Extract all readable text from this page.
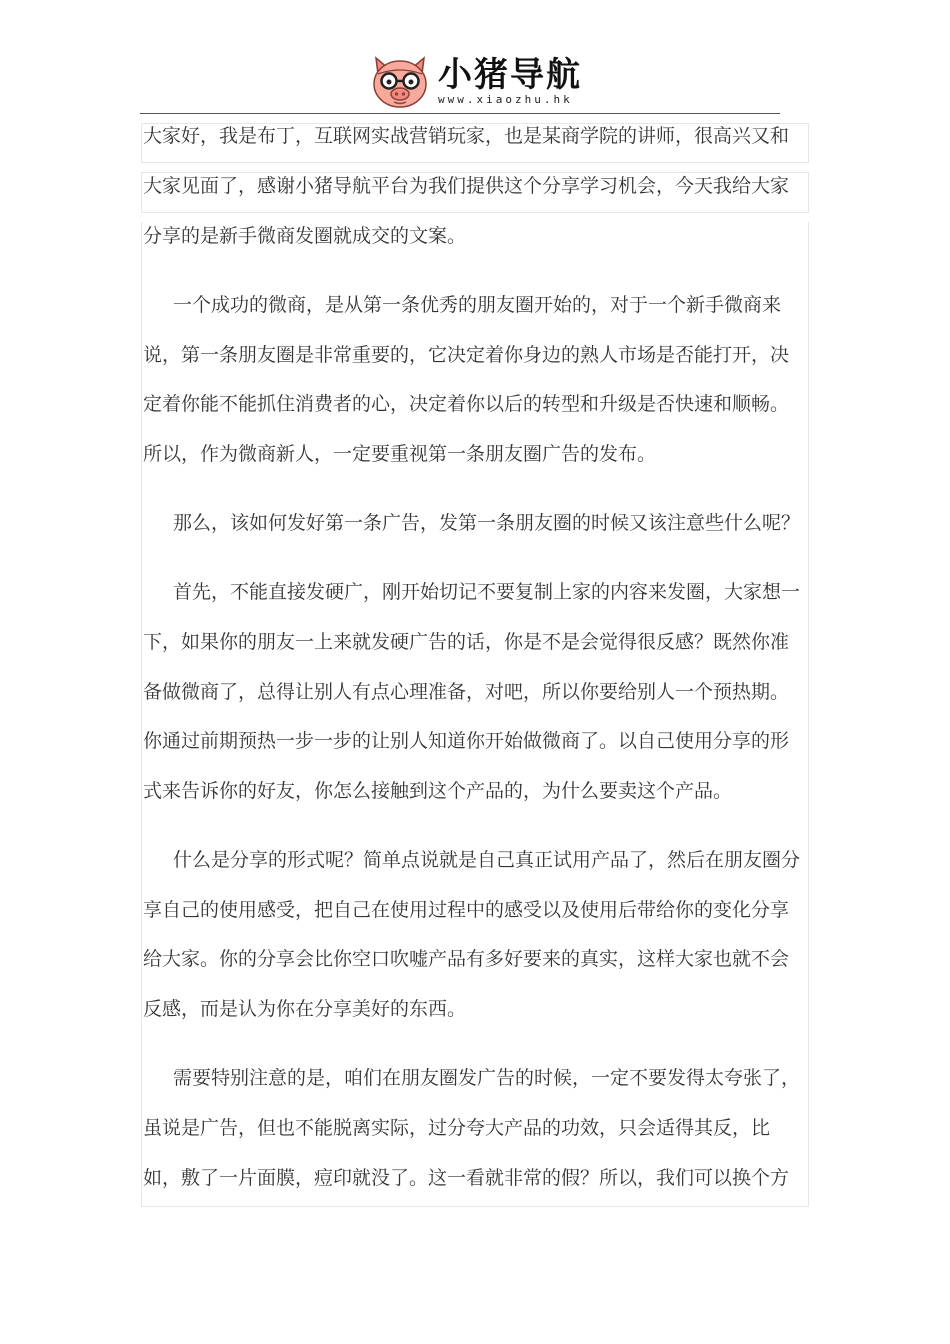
小猪导航
www.xiaozhu.hk
大家好，我是布丁，互联网实战营销玩家，也是某商学院的讲师，很高兴又和
大家见面了，感谢小猪导航平台为我们提供这个分享学习机会，今天我给大家
分享的是新手微商发圈就成交的文案。
一个成功的微商，是从第一条优秀的朋友圈开始的，对于一个新手微商来
说，第一条朋友圈是非常重要的，它决定着你身边的熟人市场是否能打开，决
定着你能不能抓住消费者的心，决定着你以后的转型和升级是否快速和顺畅。
所以，作为微商新人，一定要重视第一条朋友圈广告的发布。
那么，该如何发好第一条广告，发第一条朋友圈的时候又该注意些什么呢？
首先，不能直接发硬广，刚开始切记不要复制上家的内容来发圈，大家想一
下，如果你的朋友一上来就发硬广告的话，你是不是会觉得很反感？既然你准
备做微商了，总得让别人有点心理准备，对吧，所以你要给别人一个预热期。
你通过前期预热一步一步的让别人知道你开始做微商了。以自己使用分享的形
式来告诉你的好友，你怎么接触到这个产品的，为什么要卖这个产品。
什么是分享的形式呢？简单点说就是自己真正试用产品了，然后在朋友圈分
享自己的使用感受，把自己在使用过程中的感受以及使用后带给你的变化分享
给大家。你的分享会比你空口吹嘘产品有多好要来的真实，这样大家也就不会
反感，而是认为你在分享美好的东西。
需要特别注意的是，咱们在朋友圈发广告的时候，一定不要发得太夸张了，
虽说是广告，但也不能脱离实际，过分夸大产品的功效，只会适得其反，比
如，敷了一片面膜，痘印就没了。这一看就非常的假？所以，我们可以换个方
